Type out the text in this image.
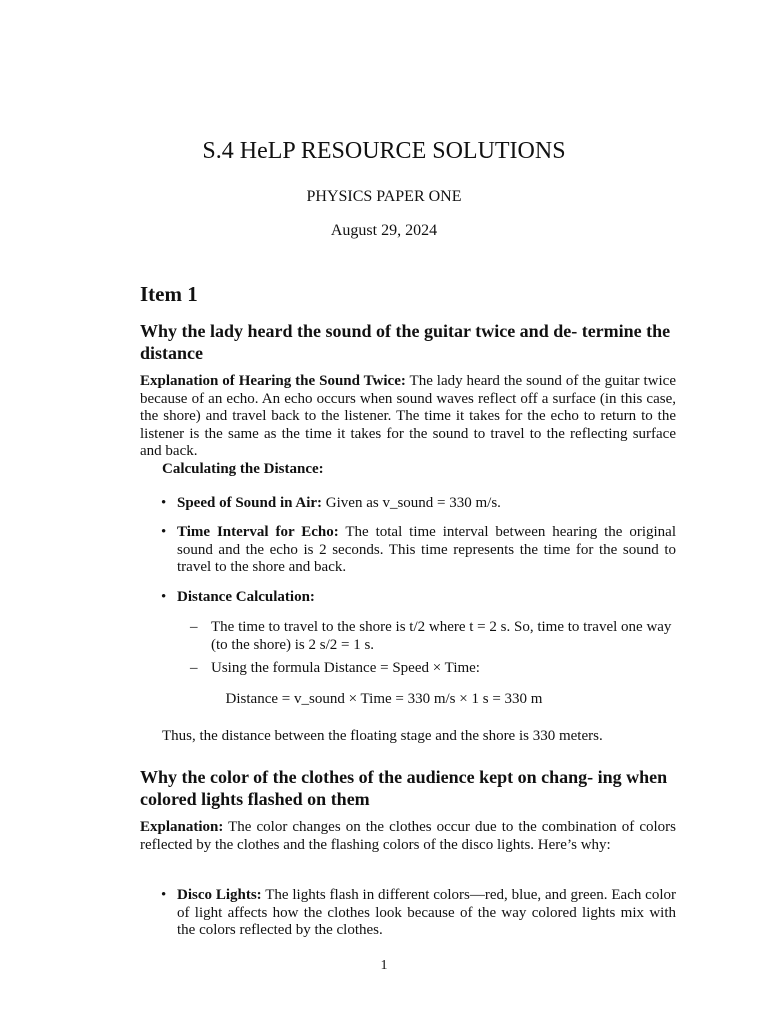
S.4 HeLP RESOURCE SOLUTIONS
PHYSICS PAPER ONE
August 29, 2024
Item 1
Why the lady heard the sound of the guitar twice and de- termine the distance
Explanation of Hearing the Sound Twice: The lady heard the sound of the guitar twice because of an echo. An echo occurs when sound waves reflect off a surface (in this case, the shore) and travel back to the listener. The time it takes for the echo to return to the listener is the same as the time it takes for the sound to travel to the reflecting surface and back.
Calculating the Distance:
• Speed of Sound in Air: Given as v_sound = 330 m/s.
• Time Interval for Echo: The total time interval between hearing the original sound and the echo is 2 seconds. This time represents the time for the sound to travel to the shore and back.
• Distance Calculation:
– The time to travel to the shore is t/2 where t = 2 s. So, time to travel one way (to the shore) is 2 s/2 = 1 s.
– Using the formula Distance = Speed × Time:
Distance = v_sound × Time = 330 m/s × 1 s = 330 m
Thus, the distance between the floating stage and the shore is 330 meters.
Why the color of the clothes of the audience kept on chang- ing when colored lights flashed on them
Explanation: The color changes on the clothes occur due to the combination of colors reflected by the clothes and the flashing colors of the disco lights. Here’s why:
• Disco Lights: The lights flash in different colors—red, blue, and green. Each color of light affects how the clothes look because of the way colored lights mix with the colors reflected by the clothes.
1
